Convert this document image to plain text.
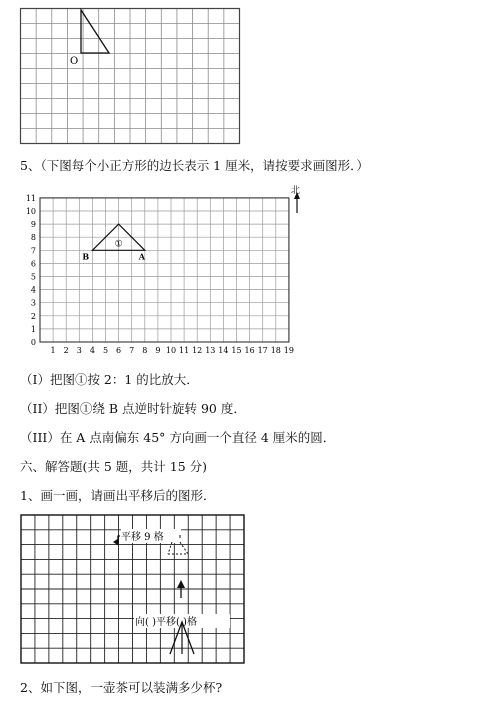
O
5、（下图每个小正方形的边长表示 1 厘米，请按要求画图形．）
0
1
2
3
4
5
6
7
8
9
10
11
1 2 3 4 5 6 7 8 9 10 11 12 13 14 15 16 17 18 19
①
B	A
北
（I）把图①按 2：1 的比放大．
（II）把图①绕 B 点逆时针旋转 90 度．
（III）在 A 点南偏东 45° 方向画一个直径 4 厘米的圆．
六、解答题(共 5 题，共计 15 分)
1、画一画，请画出平移后的图形．
平移 9 格
向( )平移( )格
2、如下图，一壶茶可以装满多少杯?
